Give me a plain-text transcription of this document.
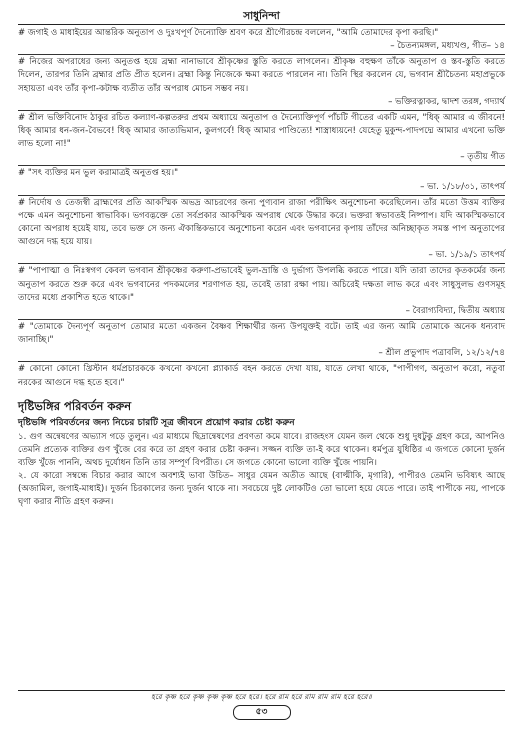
সাধুনিন্দা

# জগাই ও মাধাইয়ের আন্তরিক অনুতাপ ও দুঃখপূর্ণ দৈন্যোক্তি শ্রবণ করে শ্রীগৌরচন্দ্র বললেন, "আমি তোমাদের কৃপা করছি।"

– চৈতন্যমঙ্গল, মধ্যখণ্ড, গীত– ১৪

# নিজের অপরাধের জন্য অনুতপ্ত হয়ে ব্রহ্মা নানাভাবে শ্রীকৃষ্ণের স্তুতি করতে লাগলেন। শ্রীকৃষ্ণ বহুক্ষণ তাঁকে অনুতাপ ও স্তব-স্তুতি করতে দিলেন, তারপর তিনি ব্রহ্মার প্রতি প্রীত হলেন। ব্রহ্মা কিন্তু নিজেকে ক্ষমা করতে পারলেন না। তিনি স্থির করলেন যে, ভগবান শ্রীচৈতন্য মহাপ্রভুকে সহায়তা এবং তাঁর কৃপা-কটাক্ষ ব্যতীত তাঁর অপরাধ মোচন সম্ভব নয়।

– ভক্তিরত্নাকর, দ্বাদশ তরঙ্গ, গদ্যার্থ

# শ্রীল ভক্তিবিনোদ ঠাকুর রচিত কল্যাণ-কল্পতরুর প্রথম অধ্যায়ে অনুতাপ ও দৈন্যোক্তিপূর্ণ পাঁচটি গীতের একটি এমন, "ধিক্ আমার এ জীবনে! ধিক্ আমার ধন-জন-বৈভবে! ধিক্ আমার জাত্যভিমান, কুলগর্বে! ধিক্ আমার পাণ্ডিত্যে! শাস্ত্রাধ্যয়নে! যেহেতু মুকুন্দ-পাদপদ্মে আমার এখনো ভক্তি লাভ হলো না!"

– তৃতীয় গীত

# "সৎ ব্যক্তির মন ভুল করামাত্রই অনুতপ্ত হয়।"

– ভা. ১/১৮/৩১, তাৎপর্য

# নির্দোষ ও তেজস্বী ব্রাহ্মণের প্রতি আকস্মিক অভদ্র আচরণের জন্য পুণ্যবান রাজা পরীক্ষিৎ অনুশোচনা করেছিলেন। তাঁর মতো উত্তম ব্যক্তির পক্ষে এমন অনুশোচনা স্বাভাবিক। ভগবদ্ভক্তে তো সর্বপ্রকার আকস্মিক অপরাধ থেকে উদ্ধার করে। ভক্তরা স্বভাবতই নিষ্পাপ। যদি আকস্মিকভাবে কোনো অপরাধ হয়েই যায়, তবে ভক্ত সে জন্য ঐকান্তিকভাবে অনুশোচনা করেন এবং ভগবানের কৃপায় তাঁদের অনিচ্ছাকৃত সমস্ত পাপ অনুতাপের আগুনে দগ্ধ হয়ে যায়।

– ভা. ১/১৯/১ তাৎপর্য

# "পাপাত্মা ও নিঃস্বগণ কেবল ভগবান শ্রীকৃষ্ণের করুণা-প্রভাবেই ভুল-ভ্রান্তি ও দুর্ভাগ্য উপলব্ধি করতে পারে। যদি তারা তাদের কৃতকর্মের জন্য অনুতাপ করতে শুরু করে এবং ভগবানের পদকমলের শরণাগত হয়, তবেই তারা রক্ষা পায়। অচিরেই দক্ষতা লাভ করে এবং সাধুসুলভ গুণসমূহ তাদের মধ্যে প্রকাশিত হতে থাকে।"

– বৈরাগ্যবিদ্যা, দ্বিতীয় অধ্যায়

# "তোমাকে দৈন্যপূর্ণ অনুতাপ তোমার মতো একজন বৈষ্ণব শিক্ষার্থীর জন্য উপযুক্তই বটে। তাই এর জন্য আমি তোমাকে অনেক ধন্যবাদ জানাচ্ছি।"

– শ্রীল প্রভুপাদ পত্রাবলি, ১২/১২/৭৪

# কোনো কোনো খ্রিস্টান ধর্মপ্রচারককে কখনো কখনো প্ল্যাকার্ড বহন করতে দেখা যায়, যাতে লেখা থাকে, "পাপীগণ, অনুতাপ করো, নতুবা নরকের আগুনে দগ্ধ হতে হবে।"

দৃষ্টিভঙ্গির পরিবর্তন করুন
দৃষ্টিভঙ্গি পরিবর্তনের জন্য নিচের চারটি সূত্র জীবনে প্রয়োগ করার চেষ্টা করুন

১. গুণ অন্বেষণের অভ্যাস গড়ে তুলুন। এর মাধ্যমে ছিদ্রান্বেষণের প্রবণতা কমে যাবে। রাজহংস যেমন জল থেকে শুধু দুধটুকু গ্রহণ করে, আপনিও তেমনি প্রত্যেক ব্যক্তির গুণ খুঁজে বের করে তা গ্রহণ করার চেষ্টা করুন। সজ্জন ব্যক্তি তা-ই করে থাকেন। ধর্মপুত্র যুধিষ্ঠির এ জগতে কোনো দুর্জন ব্যক্তি খুঁজে পাননি, অথচ দুর্যোধন তিনি তার সম্পূর্ণ বিপরীত। সে জগতে কোনো ভালো ব্যক্তি খুঁজে পায়নি।

২. যে কারো সম্বন্ধে বিচার করার আগে অবশ্যই ভাবা উচিত– সাধুর যেমন অতীত আছে (বাল্মীকি, মৃগারি), পাপীরও তেমনি ভবিষ্যৎ আছে (অজামিল, জগাই-মাধাই)। দুর্জন চিরকালের জন্য দুর্জন থাকে না। সবচেয়ে দুষ্ট লোকটিও তো ভালো হয়ে যেতে পারে। তাই পাপীকে নয়, পাপকে ঘৃণা করার নীতি গ্রহণ করুন।

হরে কৃষ্ণ হরে কৃষ্ণ কৃষ্ণ কৃষ্ণ হরে হরে। হরে রাম হরে রাম রাম রাম হরে হরে॥
৫৩
